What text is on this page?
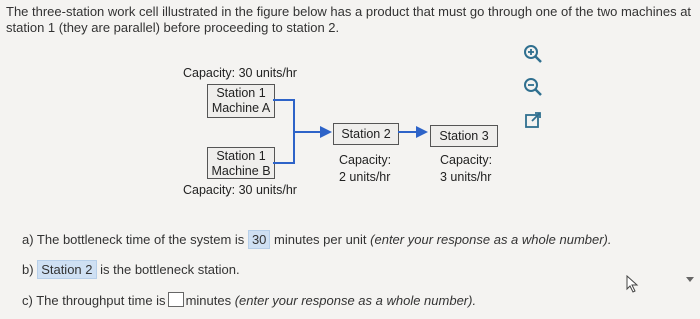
The three-station work cell illustrated in the figure below has a product that must go through one of the two machines at
station 1 (they are parallel) before proceeding to station 2.
Capacity: 30 units/hr
Station 1
Machine A
Station 1
Machine B
Capacity: 30 units/hr
Station 2
Capacity:
2 units/hr
Station 3
Capacity:
3 units/hr
a) The bottleneck time of the system is 30 minutes per unit (enter your response as a whole number).
b) Station 2 is the bottleneck station.
c) The throughput time is minutes (enter your response as a whole number).
